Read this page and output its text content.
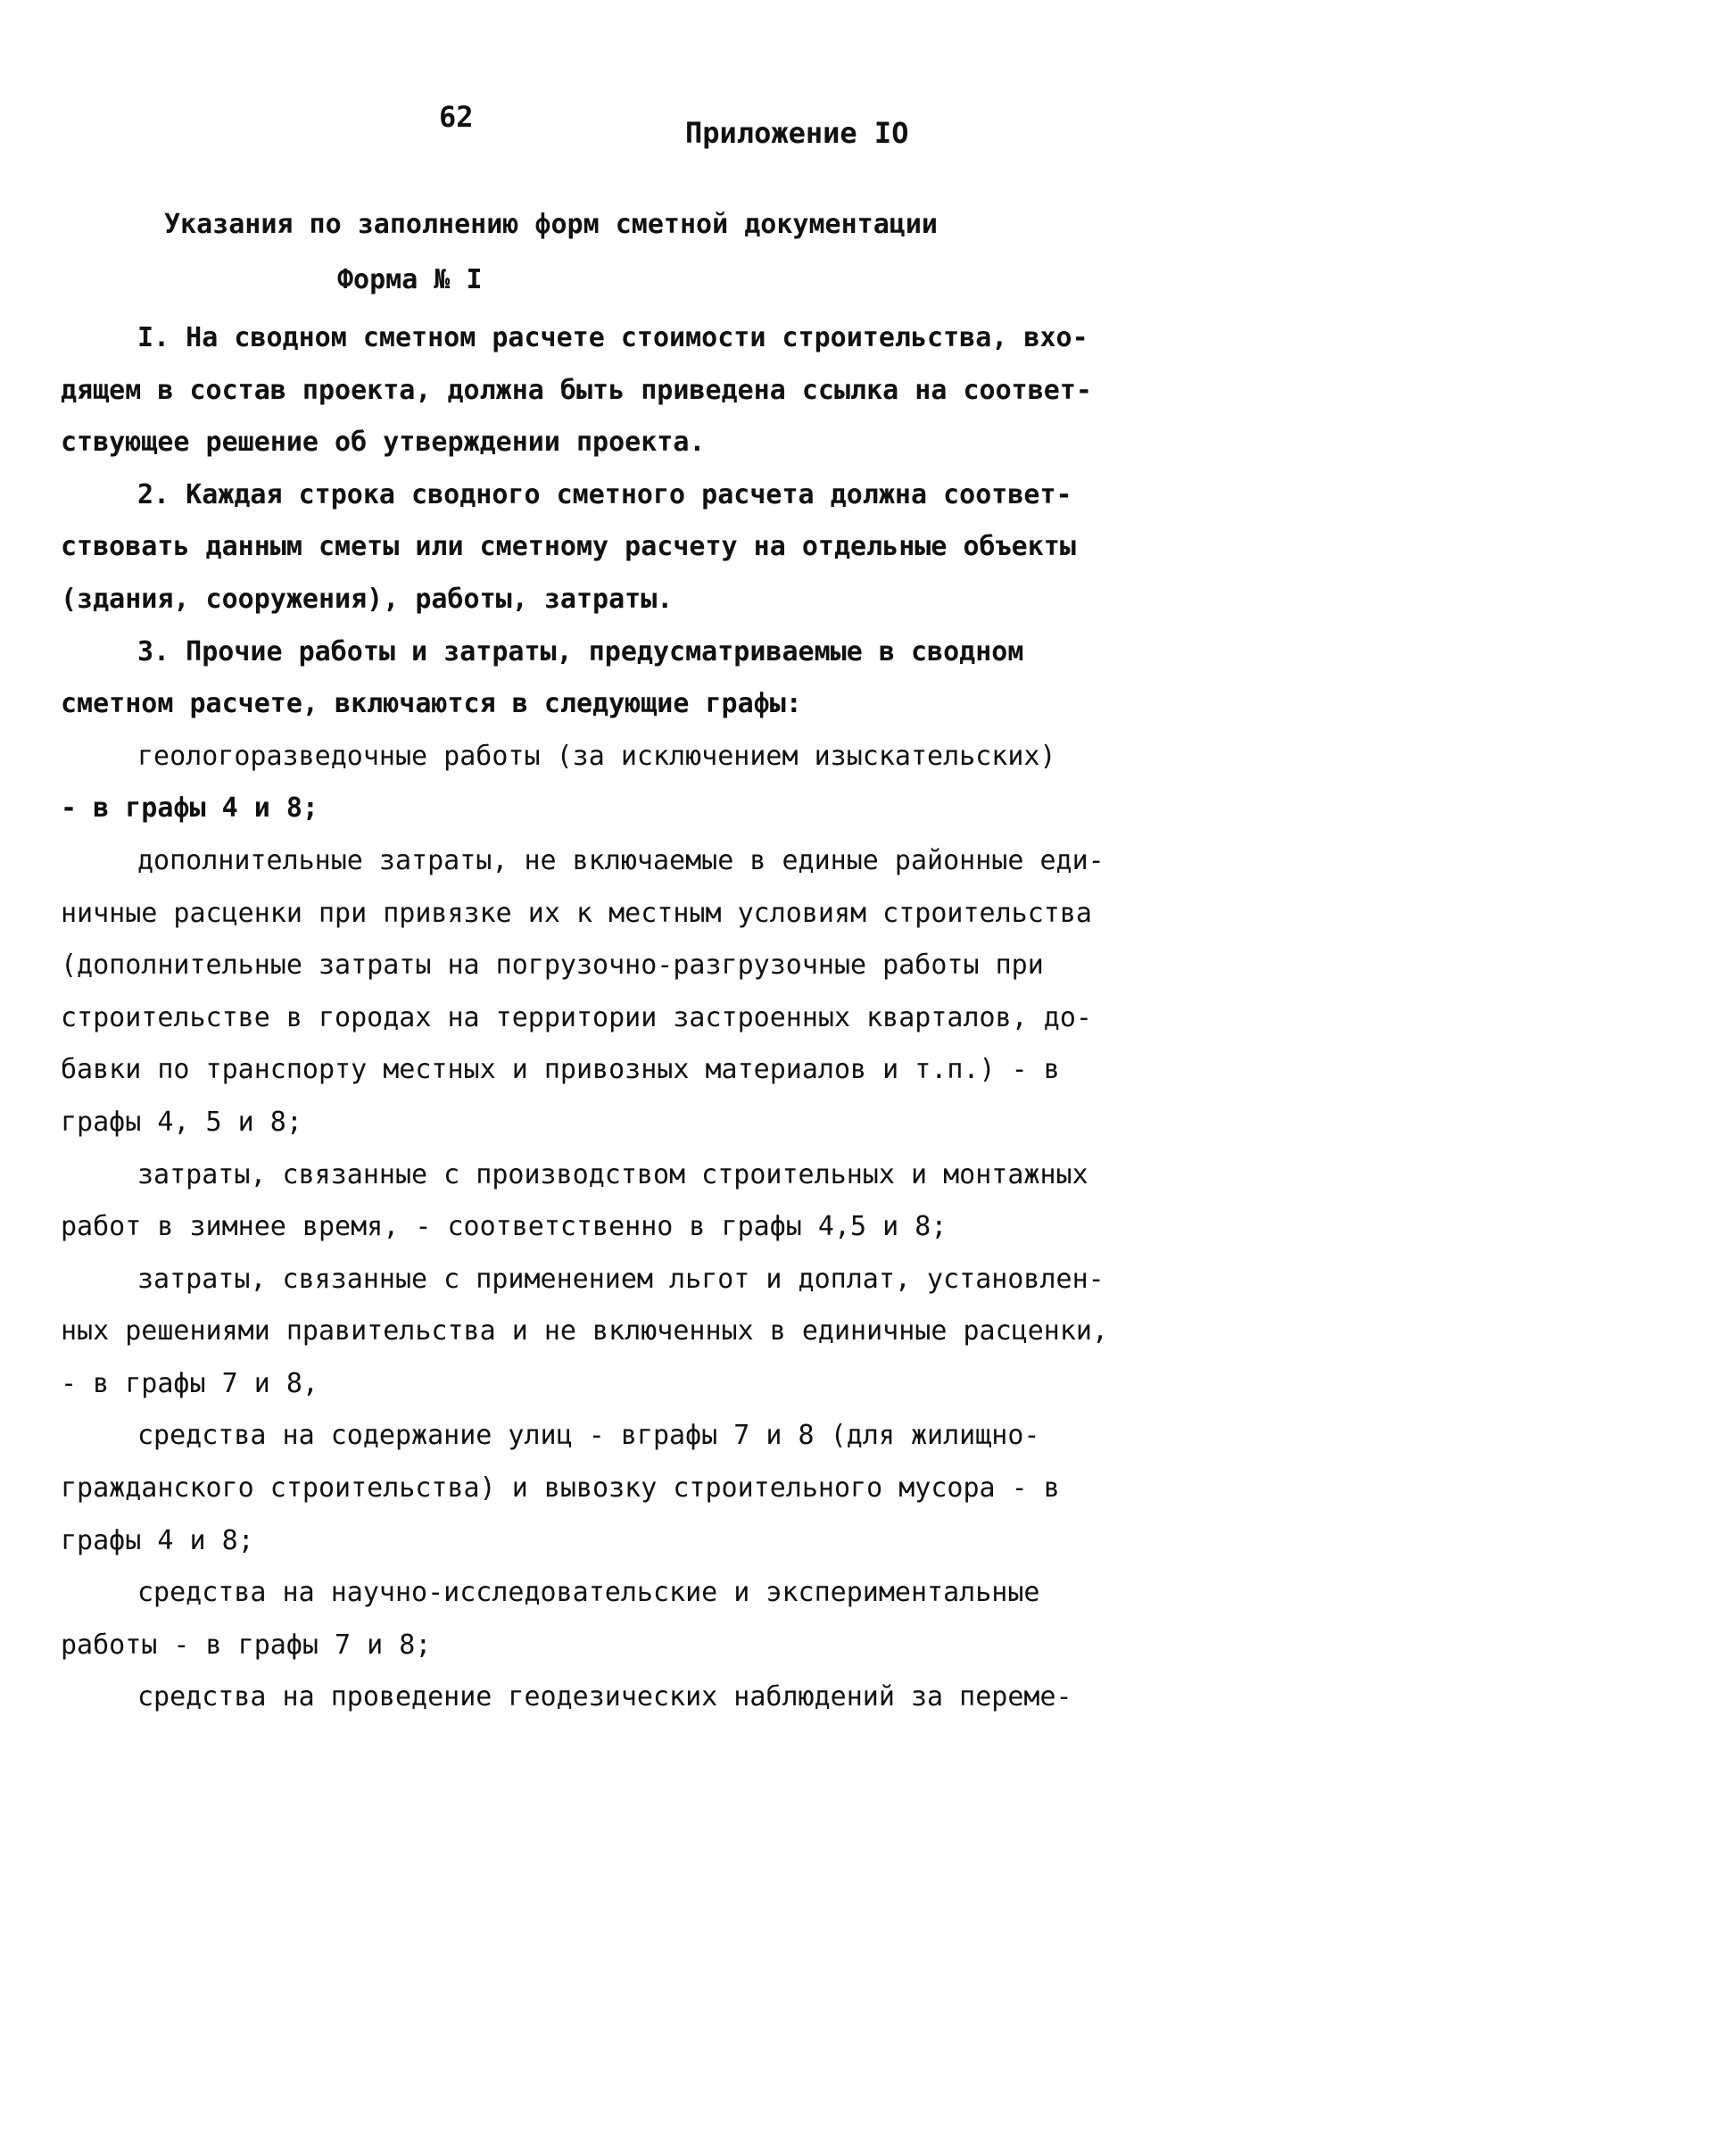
62	Приложение IO
Указания по заполнению форм сметной документации
Форма № I
I. На сводном сметном расчете стоимости строительства, вхо-
дящем в состав проекта, должна быть приведена ссылка на соответ-
ствующее решение об утверждении проекта.
2. Каждая строка сводного сметного расчета должна соответ-
ствовать данным сметы или сметному расчету на отдельные объекты
(здания, сооружения), работы, затраты.
3. Прочие работы и затраты, предусматриваемые в сводном
сметном расчете, включаются в следующие графы:
геологоразведочные работы (за исключением изыскательских)
- в графы 4 и 8;
дополнительные затраты, не включаемые в единые районные еди-
ничные расценки при привязке их к местным условиям строительства
(дополнительные затраты на погрузочно-разгрузочные работы при
строительстве в городах на территории застроенных кварталов, до-
бавки по транспорту местных и привозных материалов и т.п.) - в
графы 4, 5 и 8;
затраты, связанные с производством строительных и монтажных
работ в зимнее время, - соответственно в графы 4,5 и 8;
затраты, связанные с применением льгот и доплат, установлен-
ных решениями правительства и не включенных в единичные расценки,
- в графы 7 и 8,
средства на содержание улиц - вграфы 7 и 8 (для жилищно-
гражданского строительства) и вывозку строительного мусора - в
графы 4 и 8;
средства на научно-исследовательские и экспериментальные
работы - в графы 7 и 8;
средства на проведение геодезических наблюдений за переме-
